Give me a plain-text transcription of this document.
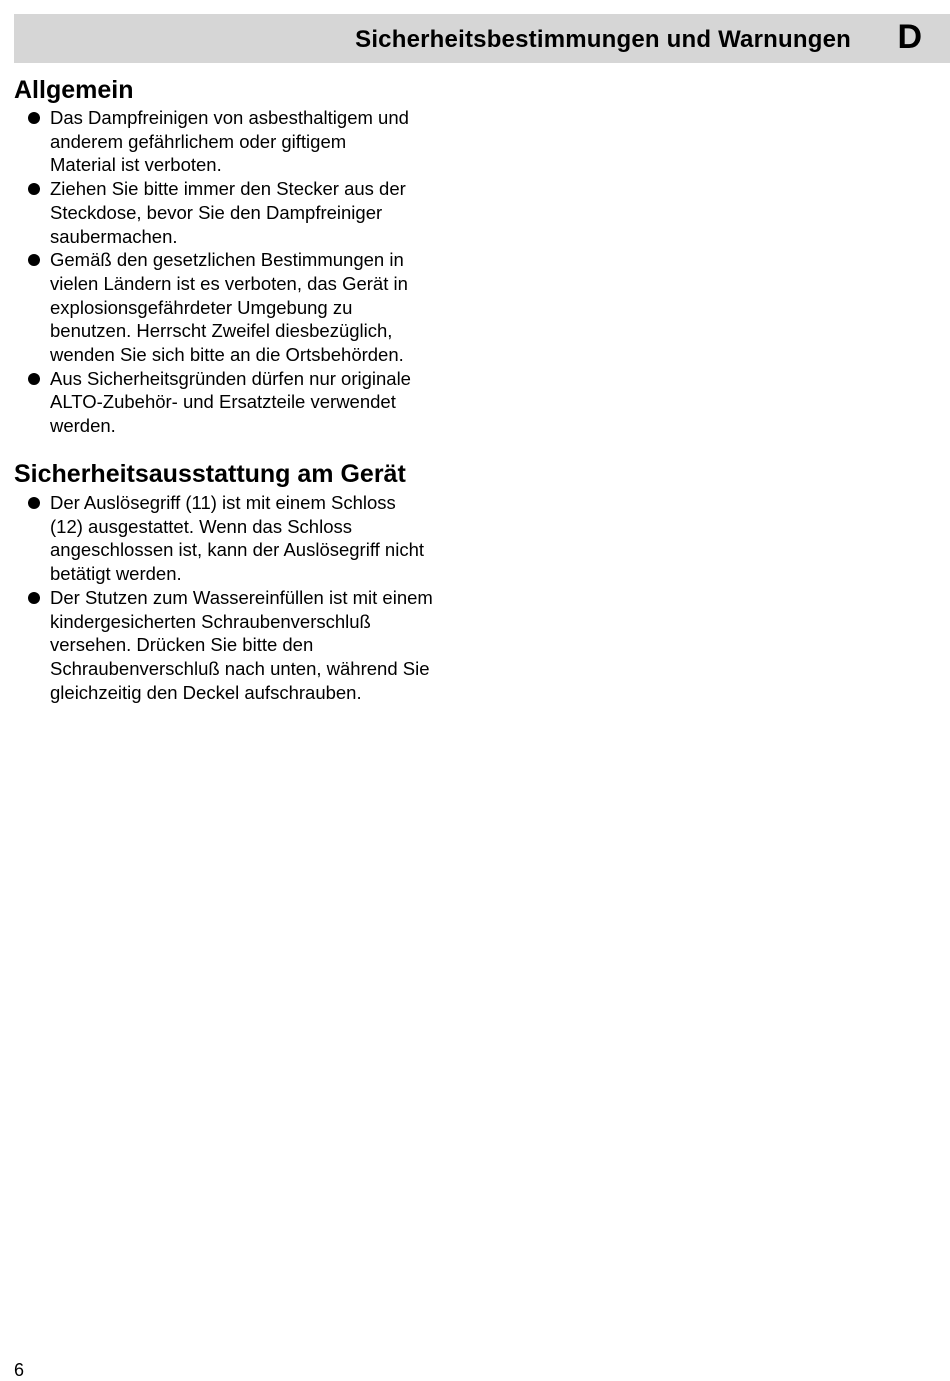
Sicherheitsbestimmungen und Warnungen D
Allgemein
Das Dampfreinigen von asbesthaltigem und
anderem gefährlichem oder giftigem
Material ist verboten.
Ziehen Sie bitte immer den Stecker aus der
Steckdose, bevor Sie den Dampfreiniger
saubermachen.
Gemäß den gesetzlichen Bestimmungen in
vielen Ländern ist es verboten, das Gerät in
explosionsgefährdeter Umgebung zu
benutzen. Herrscht Zweifel diesbezüglich,
wenden Sie sich bitte an die Ortsbehörden.
Aus Sicherheitsgründen dürfen nur originale
ALTO-Zubehör- und Ersatzteile verwendet
werden.
Sicherheitsausstattung am Gerät
Der Auslösegriff (11) ist mit einem Schloss
(12) ausgestattet. Wenn das Schloss
angeschlossen ist, kann der Auslösegriff nicht
betätigt werden.
Der Stutzen zum Wassereinfüllen ist mit einem
kindergesicherten Schraubenverschluß
versehen. Drücken Sie bitte den
Schraubenverschluß nach unten, während Sie
gleichzeitig den Deckel aufschrauben.
6
